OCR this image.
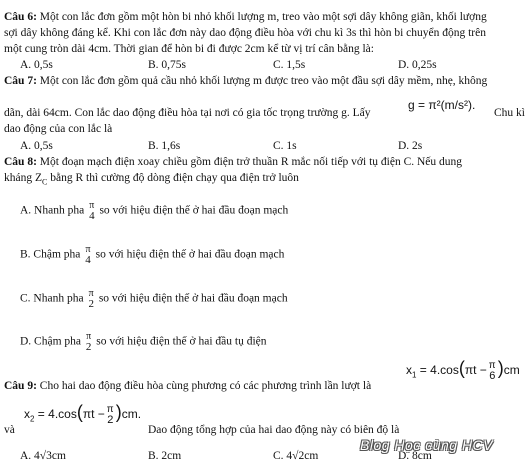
Câu 6: Một con lắc đơn gồm một hòn bi nhỏ khối lượng m, treo vào một sợi dây không giãn, khối lượng
sợi dây không đáng kể. Khi con lắc đơn này dao động điều hòa với chu kì 3s thì hòn bi chuyển động trên
một cung tròn dài 4cm. Thời gian để hòn bi đi được 2cm kể từ vị trí cân bằng là:
A. 0,5s	B. 0,75s	C. 1,5s	D. 0,25s
Câu 7: Một con lắc đơn gồm quả cầu nhỏ khối lượng m được treo vào một đầu sợi dây mềm, nhẹ, không
dãn, dài 64cm. Con lắc dao động điều hòa tại nơi có gia tốc trọng trường g. Lấy
g = π²(m/s²).
Chu kì
dao động của con lắc là
A. 0,5s	B. 1,6s	C. 1s	D. 2s
Câu 8: Một đoạn mạch điện xoay chiều gồm điện trở thuần R mắc nối tiếp với tụ điện C. Nếu dung
kháng $Z_C$ bằng R thì cường độ dòng điện chạy qua điện trở luôn
A. Nhanh pha π
4 so với hiệu điện thế ở hai đầu đoạn mạch
B. Chậm pha π
4 so với hiệu điện thế ở hai đầu đoạn mạch
C. Nhanh pha π
2 so với hiệu điện thế ở hai đầu đoạn mạch
D. Chậm pha π
2 so với hiệu điện thế ở hai đầu tụ điện
$x_1 = 4.\cos(\pi t - \pi$
6 )cm
Câu 9: Cho hai dao động điều hòa cùng phương có các phương trình lần lượt là
$x_2 = 4.\cos(\pi t - \pi$
2 )cm.
và	Dao động tổng hợp của hai dao động này có biên độ là
A. 4√3cm	B. 2cm	C. 4√2cm	D. 8cm
Blog Học cùng HCV
